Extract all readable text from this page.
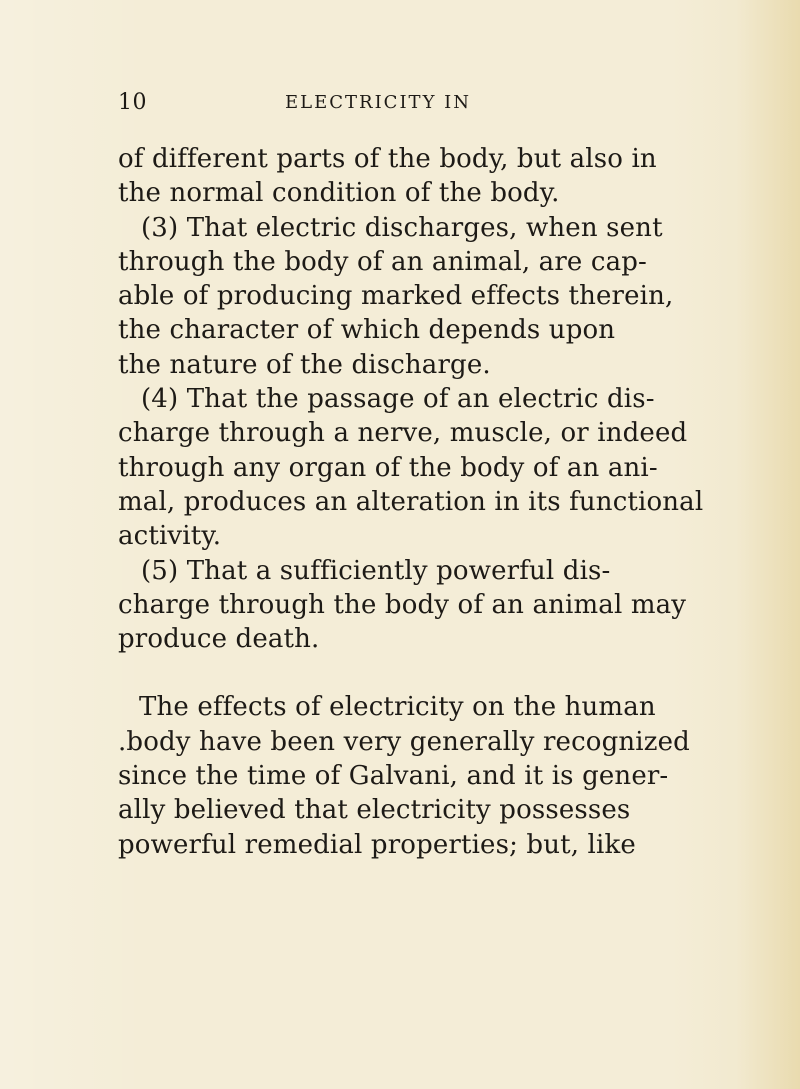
10	ELECTRICITY IN
of different parts of the body, but also in
the normal condition of the body.
(3) That electric discharges, when sent
through the body of an animal, are cap-
able of producing marked effects therein,
the character of which depends upon
the nature of the discharge.
(4) That the passage of an electric dis-
charge through a nerve, muscle, or indeed
through any organ of the body of an ani-
mal, produces an alteration in its functional
activity.
(5) That a sufficiently powerful dis-
charge through the body of an animal may
produce death.
The effects of electricity on the human
.body have been very generally recognized
since the time of Galvani, and it is gener-
ally believed that electricity possesses
powerful remedial properties; but, like
